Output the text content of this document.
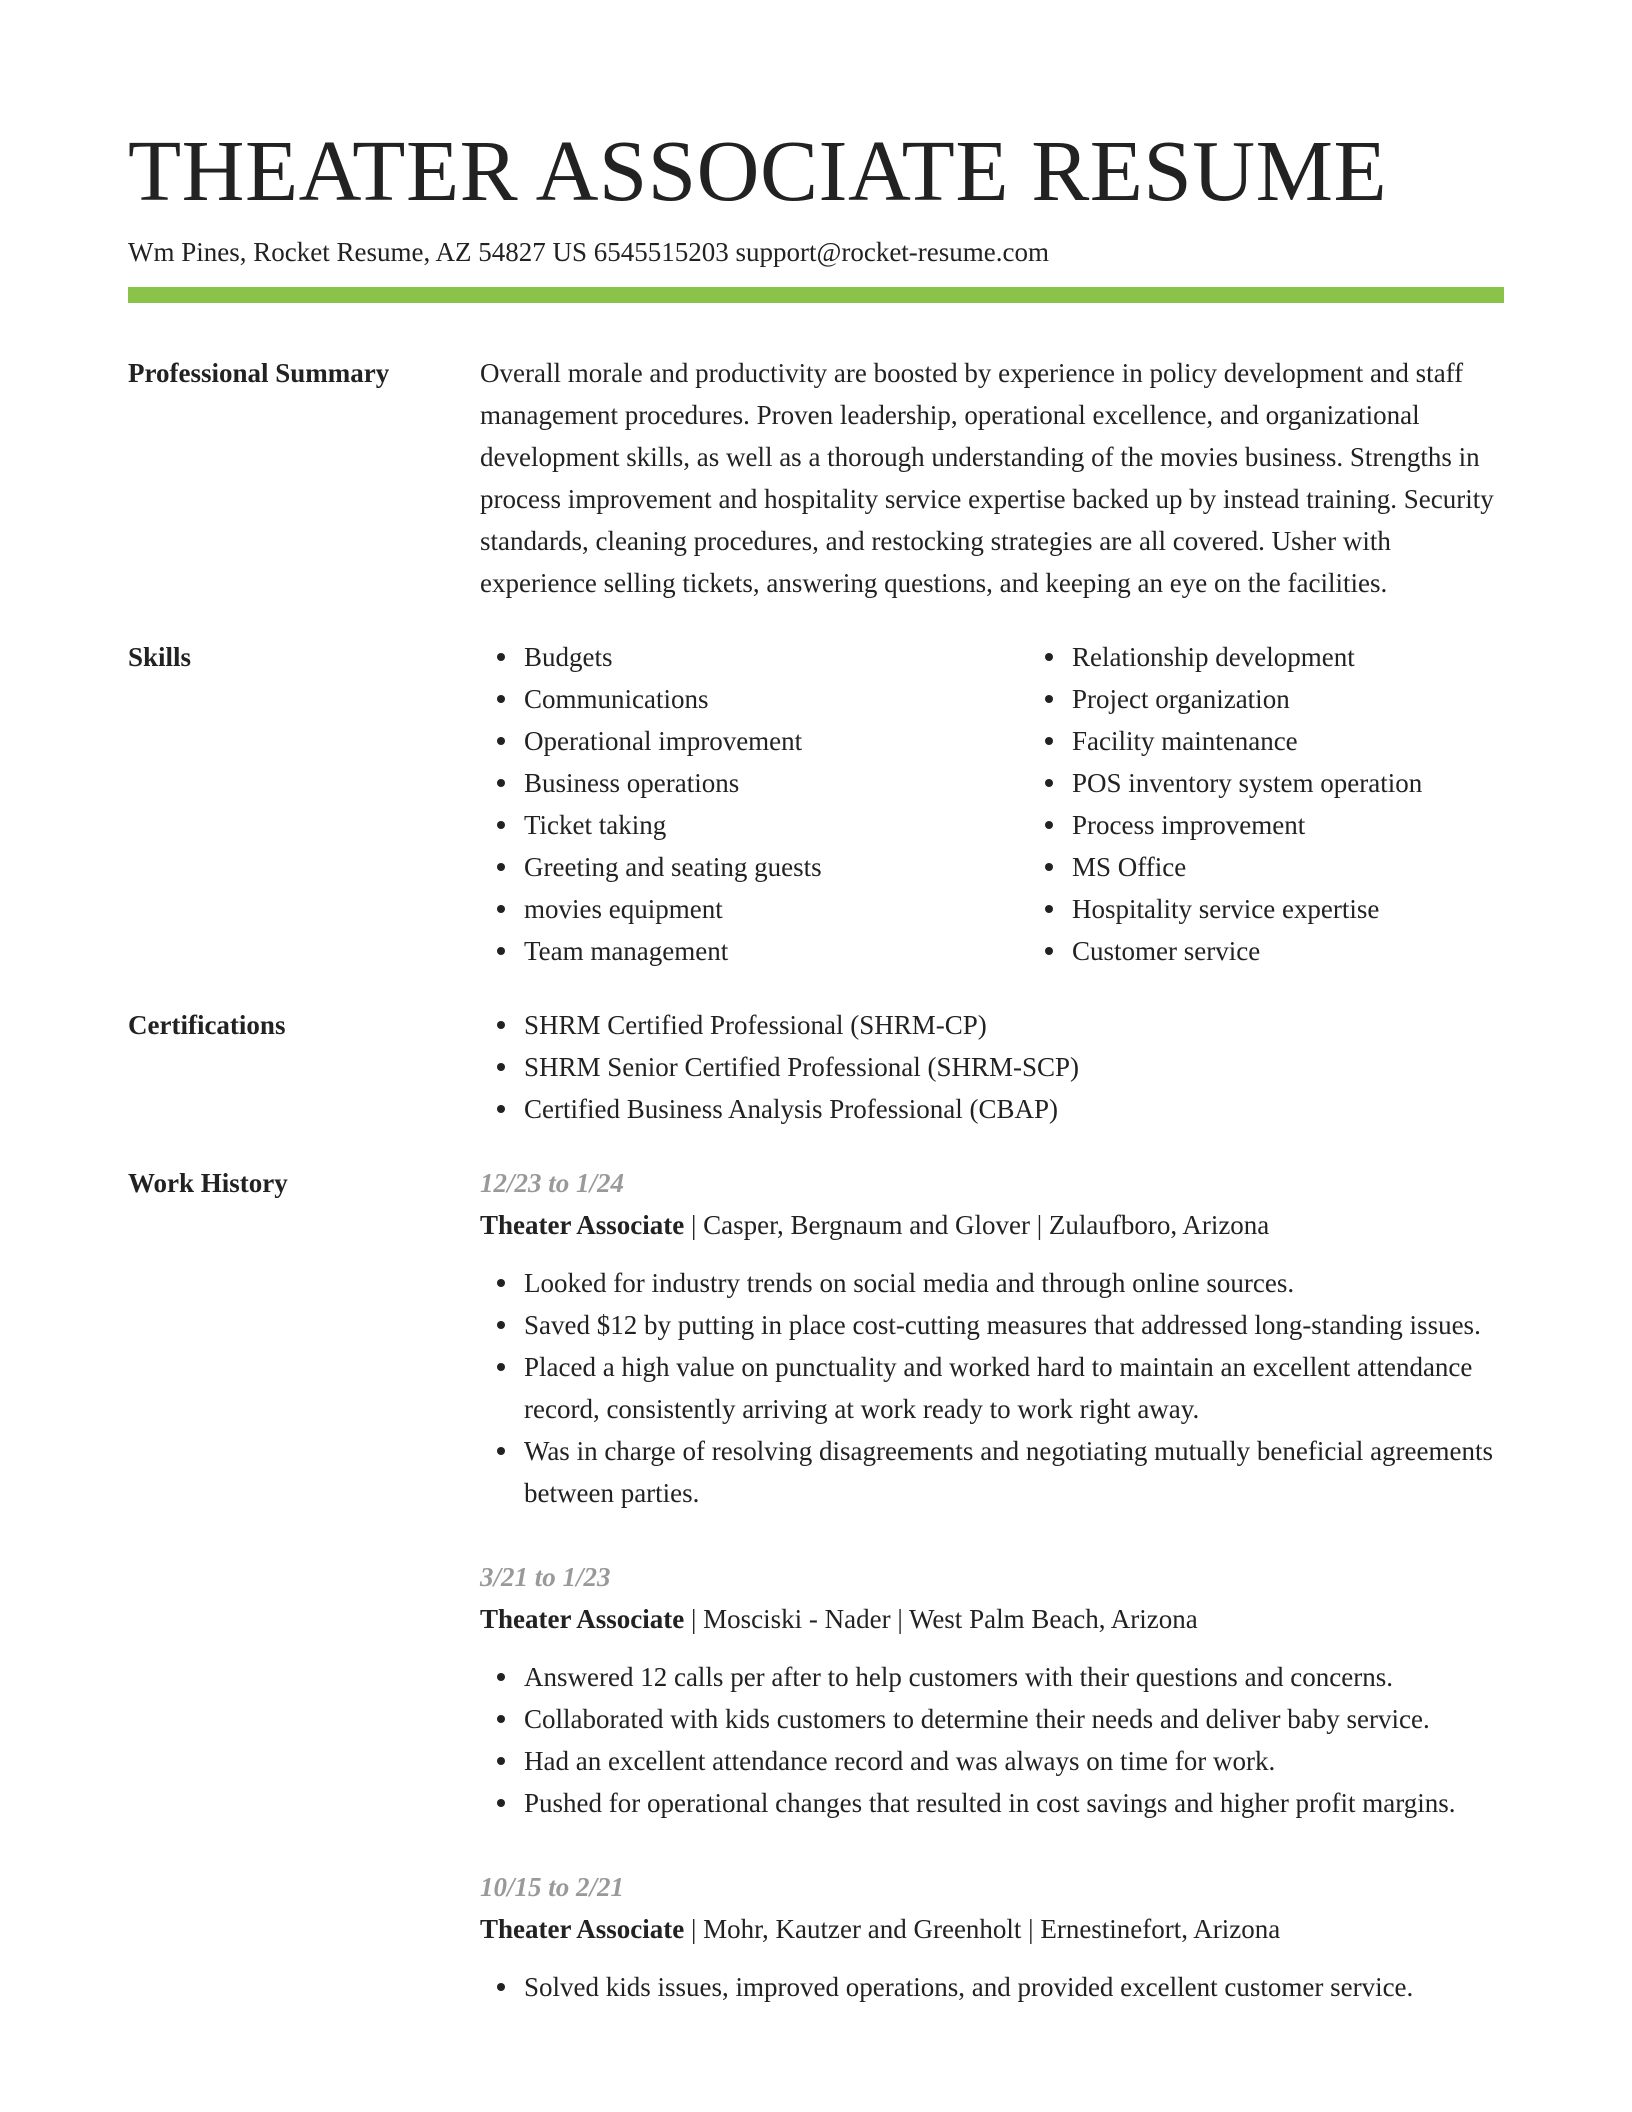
THEATER ASSOCIATE RESUME
Wm Pines, Rocket Resume, AZ 54827 US 6545515203 support@rocket-resume.com
Professional Summary	Overall morale and productivity are boosted by experience in policy development and staff management procedures. Proven leadership, operational excellence, and organizational development skills, as well as a thorough understanding of the movies business. Strengths in process improvement and hospitality service expertise backed up by instead training. Security standards, cleaning procedures, and restocking strategies are all covered. Usher with experience selling tickets, answering questions, and keeping an eye on the facilities.
Skills	Budgets
Communications
Operational improvement
Business operations
Ticket taking
Greeting and seating guests
movies equipment
Team management
Relationship development
Project organization
Facility maintenance
POS inventory system operation
Process improvement
MS Office
Hospitality service expertise
Customer service
Certifications	SHRM Certified Professional (SHRM-CP)
SHRM Senior Certified Professional (SHRM-SCP)
Certified Business Analysis Professional (CBAP)
Work History	12/23 to 1/24
Theater Associate | Casper, Bergnaum and Glover | Zulaufboro, Arizona
Looked for industry trends on social media and through online sources.
Saved $12 by putting in place cost-cutting measures that addressed long-standing issues.
Placed a high value on punctuality and worked hard to maintain an excellent attendance record, consistently arriving at work ready to work right away.
Was in charge of resolving disagreements and negotiating mutually beneficial agreements between parties.
3/21 to 1/23
Theater Associate | Mosciski - Nader | West Palm Beach, Arizona
Answered 12 calls per after to help customers with their questions and concerns.
Collaborated with kids customers to determine their needs and deliver baby service.
Had an excellent attendance record and was always on time for work.
Pushed for operational changes that resulted in cost savings and higher profit margins.
10/15 to 2/21
Theater Associate | Mohr, Kautzer and Greenholt | Ernestinefort, Arizona
Solved kids issues, improved operations, and provided excellent customer service.
